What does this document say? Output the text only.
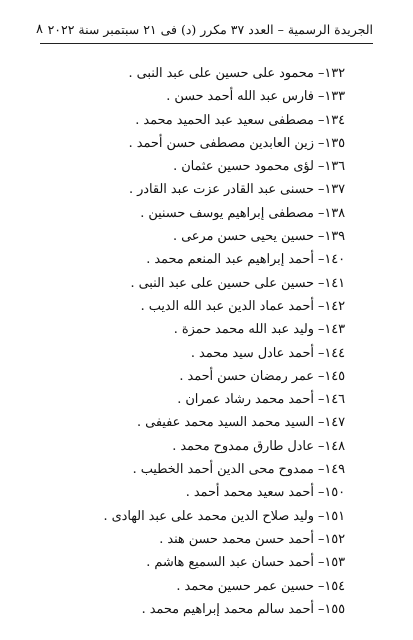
الجريدة الرسمية – العدد ٣٧ مكرر (د) فى ٢١ سبتمبر سنة ٢٠٢٢
٨
١٣٢– محمود على حسين على عبد النبى .
١٣٣– فارس عبد الله أحمد حسن .
١٣٤– مصطفى سعيد عبد الحميد محمد .
١٣٥– زين العابدين مصطفى حسن أحمد .
١٣٦– لؤى محمود حسين عثمان .
١٣٧– حسنى عبد القادر عزت عبد القادر .
١٣٨– مصطفى إبراهيم يوسف حسنين .
١٣٩– حسين يحيى حسن مرعى .
١٤٠– أحمد إبراهيم عبد المنعم محمد .
١٤١– حسين على حسين على عبد النبى .
١٤٢– أحمد عماد الدين عبد الله الديب .
١٤٣– وليد عبد الله محمد حمزة .
١٤٤– أحمد عادل سيد محمد .
١٤٥– عمر رمضان حسن أحمد .
١٤٦– أحمد محمد رشاد عمران .
١٤٧– السيد محمد السيد محمد عفيفى .
١٤٨– عادل طارق ممدوح محمد .
١٤٩– ممدوح محى الدين أحمد الخطيب .
١٥٠– أحمد سعيد محمد أحمد .
١٥١– وليد صلاح الدين محمد على عبد الهادى .
١٥٢– أحمد حسن محمد حسن هند .
١٥٣– أحمد حسان عبد السميع هاشم .
١٥٤– حسين عمر حسين محمد .
١٥٥– أحمد سالم محمد إبراهيم محمد .
